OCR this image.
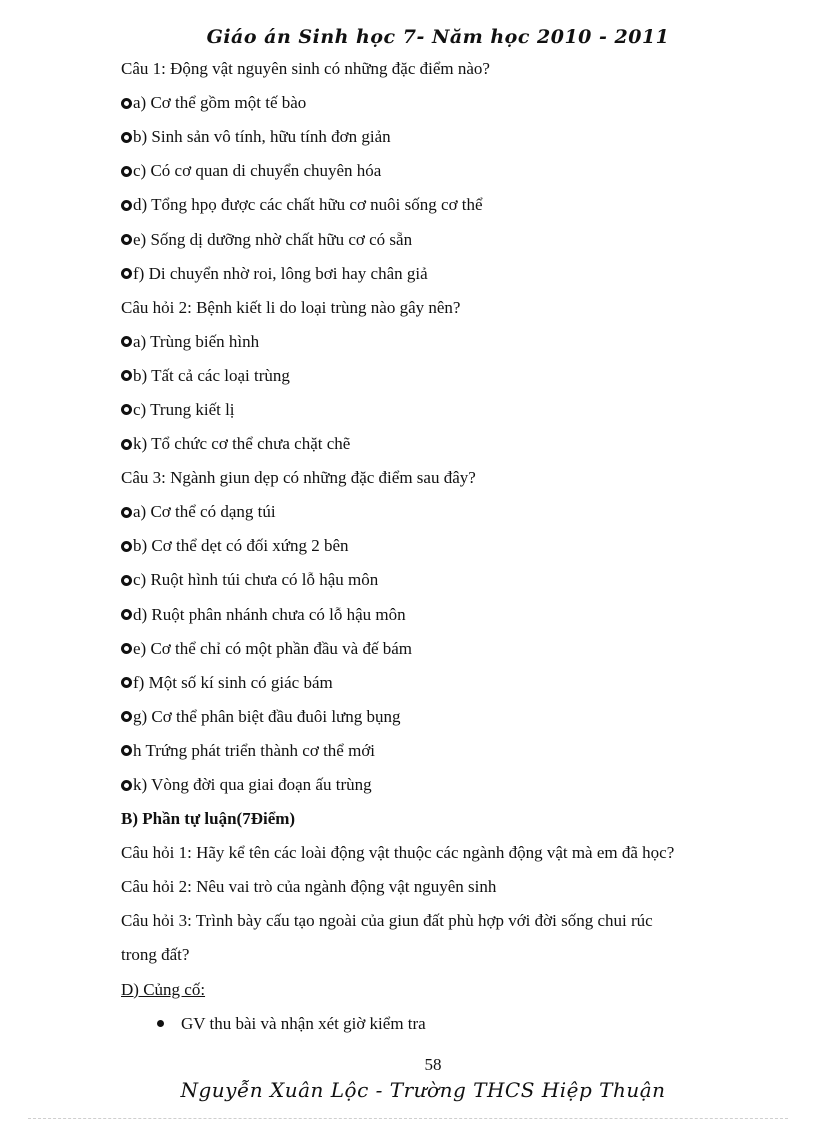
Giáo án Sinh học 7- Năm học 2010 - 2011
Câu 1: Động vật nguyên sinh có những đặc điểm nào?
a) Cơ thể gồm một tế bào
b) Sinh sản vô tính, hữu tính đơn giản
c) Có cơ quan di chuyển chuyên hóa
d) Tổng hpọ được các chất hữu cơ nuôi sống cơ thể
e) Sống dị dưỡng nhờ chất hữu cơ có sẵn
f) Di chuyển nhờ roi, lông bơi hay chân giả
Câu hỏi 2: Bệnh kiết li do loại trùng nào gây nên?
a) Trùng biến hình
b) Tất cả các loại trùng
c) Trung kiết lị
k) Tổ chức cơ thể chưa chặt chẽ
Câu 3: Ngành giun dẹp có những đặc điểm sau đây?
a) Cơ thể có dạng túi
b) Cơ thể dẹt có đối xứng 2 bên
c) Ruột hình túi chưa có lỗ hậu môn
d) Ruột phân nhánh chưa có lỗ hậu môn
e) Cơ thể chỉ có một phần đầu và đế bám
f) Một số kí sinh có giác bám
g) Cơ thể phân biệt đầu đuôi lưng bụng
h Trứng phát triển thành cơ thể mới
k) Vòng đời qua giai đoạn ấu trùng
B) Phần tự luận(7Điểm)
Câu hỏi 1: Hãy kể tên các loài động vật thuộc các ngành động vật mà em đã học?
Câu hỏi 2: Nêu vai trò của ngành động vật nguyên sinh
Câu hỏi 3: Trình bày cấu tạo ngoài của giun đất phù hợp với đời sống chui rúc
trong đất?
D) Củng cố:
GV thu bài và nhận xét giờ kiểm tra
58
Nguyễn Xuân Lộc - Trường THCS Hiệp Thuận
